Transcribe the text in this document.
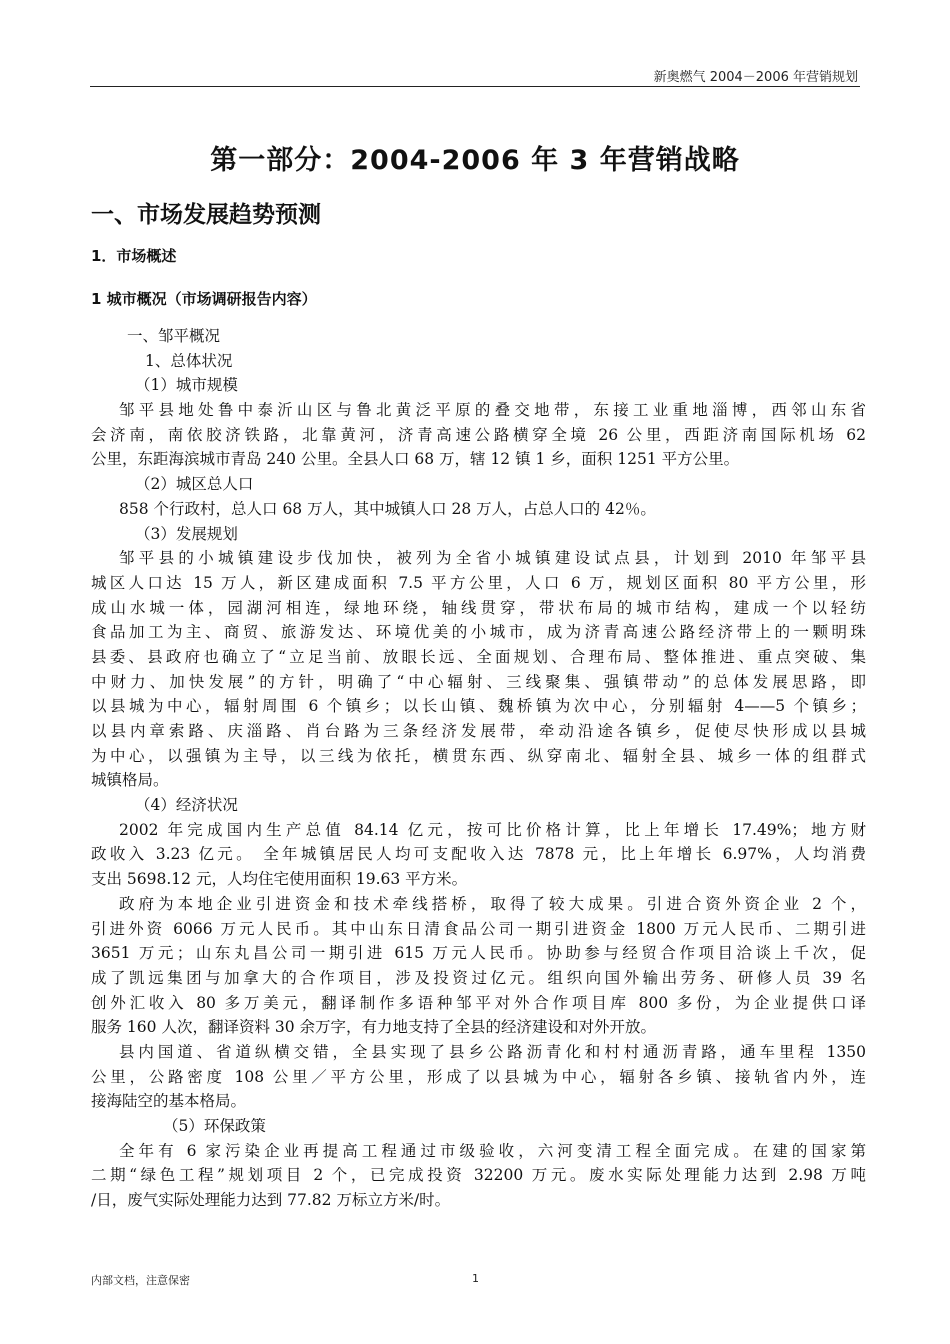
新奥燃气 2004－2006 年营销规划
第一部分：2004-2006 年 3 年营销战略
一、市场发展趋势预测
1．市场概述
1 城市概况（市场调研报告内容）
一、邹平概况
1、总体状况
（1）城市规模
邹平县地处鲁中泰沂山区与鲁北黄泛平原的叠交地带，东接工业重地淄博，西邻山东省
会济南，南依胶济铁路，北靠黄河，济青高速公路横穿全境 26 公里，西距济南国际机场 62
公里，东距海滨城市青岛 240 公里。全县人口 68 万，辖 12 镇 1 乡，面积 1251 平方公里。
（2）城区总人口
858 个行政村，总人口 68 万人，其中城镇人口 28 万人，占总人口的 42％。
（3）发展规划
邹平县的小城镇建设步伐加快，被列为全省小城镇建设试点县，计划到 2010 年邹平县
城区人口达 15 万人，新区建成面积 7.5 平方公里，人口 6 万，规划区面积 80 平方公里，形
成山水城一体，园湖河相连，绿地环绕，轴线贯穿，带状布局的城市结构，建成一个以轻纺
食品加工为主、商贸、旅游发达、环境优美的小城市，成为济青高速公路经济带上的一颗明珠
县委、县政府也确立了“立足当前、放眼长远、全面规划、合理布局、整体推进、重点突破、集
中财力、加快发展”的方针，明确了“中心辐射、三线聚集、强镇带动”的总体发展思路，即
以县城为中心，辐射周围 6 个镇乡；以长山镇、魏桥镇为次中心，分别辐射 4——5 个镇乡；
以县内章索路、庆淄路、肖台路为三条经济发展带，牵动沿途各镇乡，促使尽快形成以县城
为中心，以强镇为主导，以三线为依托，横贯东西、纵穿南北、辐射全县、城乡一体的组群式
城镇格局。
（4）经济状况
2002 年完成国内生产总值 84.14 亿元，按可比价格计算，比上年增长 17.49%；地方财
政收入 3.23 亿元。 全年城镇居民人均可支配收入达 7878 元，比上年增长 6.97%，人均消费
支出 5698.12 元，人均住宅使用面积 19.63 平方米。
政府为本地企业引进资金和技术牵线搭桥，取得了较大成果。引进合资外资企业 2 个，
引进外资 6066 万元人民币。其中山东日清食品公司一期引进资金 1800 万元人民币、二期引进
3651 万元；山东丸昌公司一期引进 615 万元人民币。协助参与经贸合作项目洽谈上千次，促
成了凯远集团与加拿大的合作项目，涉及投资过亿元。组织向国外输出劳务、研修人员 39 名
创外汇收入 80 多万美元，翻译制作多语种邹平对外合作项目库 800 多份，为企业提供口译
服务 160 人次，翻译资料 30 余万字，有力地支持了全县的经济建设和对外开放。
县内国道、省道纵横交错，全县实现了县乡公路沥青化和村村通沥青路，通车里程 1350
公里，公路密度 108 公里／平方公里，形成了以县城为中心，辐射各乡镇、接轨省内外，连
接海陆空的基本格局。
（5）环保政策
全年有 6 家污染企业再提高工程通过市级验收，六河变清工程全面完成。在建的国家第
二期“绿色工程”规划项目 2 个，已完成投资 32200 万元。废水实际处理能力达到 2.98 万吨
/日，废气实际处理能力达到 77.82 万标立方米/时。
内部文档，注意保密	1
